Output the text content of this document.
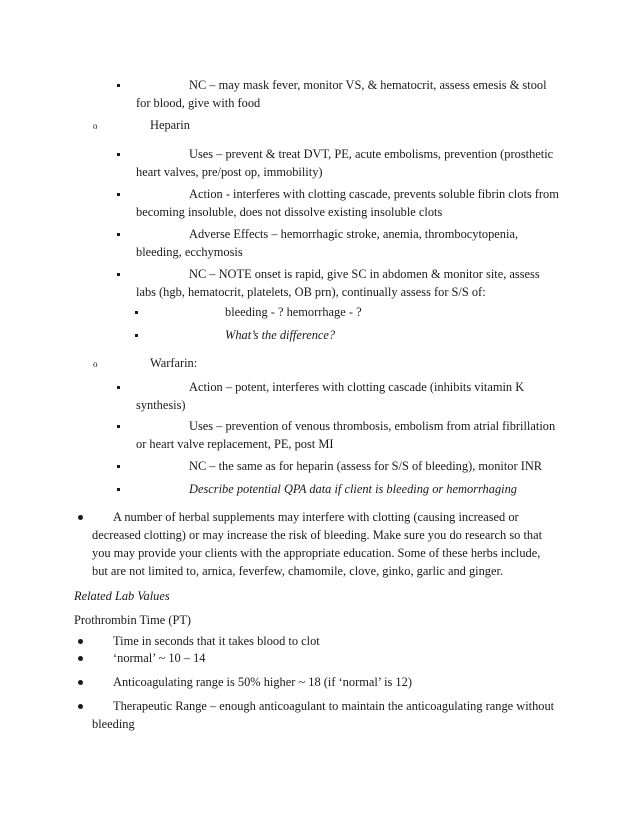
NC – may mask fever, monitor VS, & hematocrit, assess emesis & stool
for blood, give with food
o	Heparin
Uses – prevent & treat DVT, PE, acute embolisms, prevention (prosthetic
heart valves, pre/post op, immobility)
Action - interferes with clotting cascade, prevents soluble fibrin clots from
becoming insoluble, does not dissolve existing insoluble clots
Adverse Effects – hemorrhagic stroke, anemia, thrombocytopenia,
bleeding, ecchymosis
NC – NOTE onset is rapid, give SC in abdomen & monitor site, assess
labs (hgb, hematocrit, platelets, OB prn), continually assess for S/S of:
bleeding - ? hemorrhage - ?
What’s the difference?
o	Warfarin:
Action – potent, interferes with clotting cascade (inhibits vitamin K
synthesis)
Uses – prevention of venous thrombosis, embolism from atrial fibrillation
or heart valve replacement, PE, post MI
NC – the same as for heparin (assess for S/S of bleeding), monitor INR
Describe potential QPA data if client is bleeding or hemorrhaging
A number of herbal supplements may interfere with clotting (causing increased or
decreased clotting) or may increase the risk of bleeding. Make sure you do research so that
you may provide your clients with the appropriate education. Some of these herbs include,
but are not limited to, arnica, feverfew, chamomile, clove, ginko, garlic and ginger.
Related Lab Values
Prothrombin Time (PT)
Time in seconds that it takes blood to clot
‘normal’ ~ 10 – 14
Anticoagulating range is 50% higher ~ 18 (if ‘normal’ is 12)
Therapeutic Range – enough anticoagulant to maintain the anticoagulating range without
bleeding
